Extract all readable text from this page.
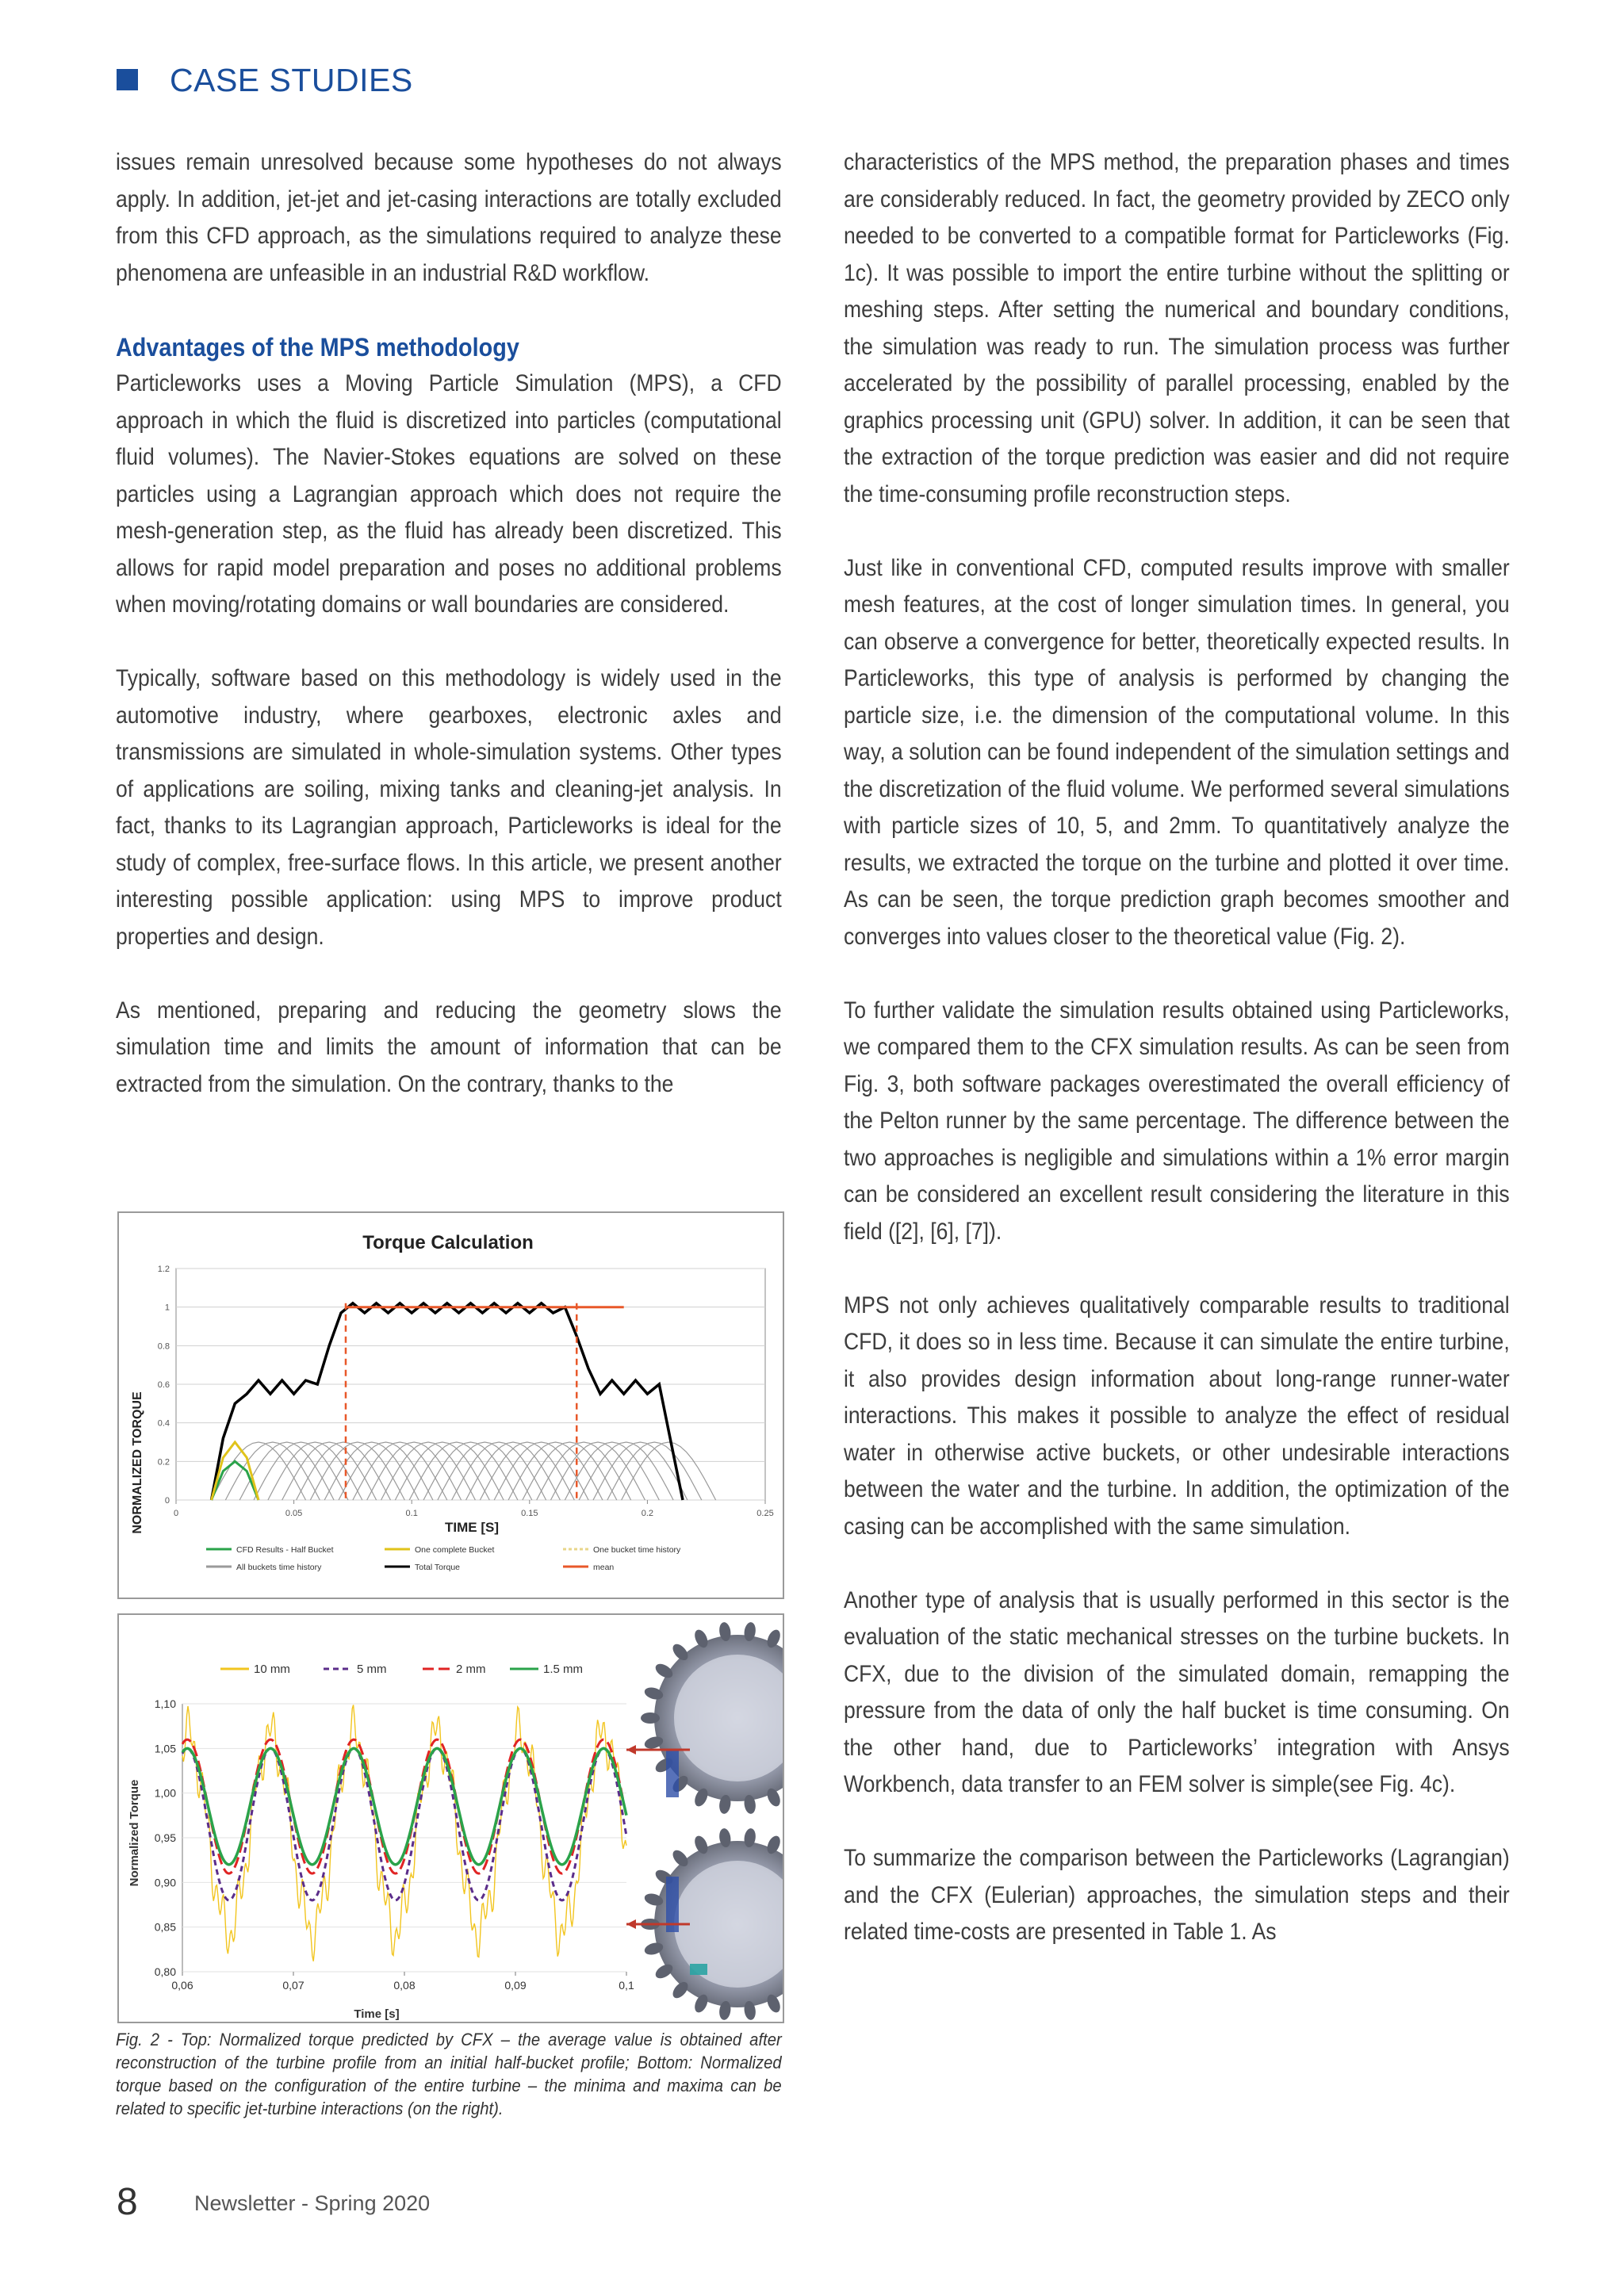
CASE STUDIES

issues remain unresolved because some hypotheses do not always apply. In addition, jet-jet and jet-casing interactions are totally excluded from this CFD approach, as the simulations required to analyze these phenomena are unfeasible in an industrial R&D workflow.

Advantages of the MPS methodology

Particleworks uses a Moving Particle Simulation (MPS), a CFD approach in which the fluid is discretized into particles (computational fluid volumes). The Navier-Stokes equations are solved on these particles using a Lagrangian approach which does not require the mesh-generation step, as the fluid has already been discretized. This allows for rapid model preparation and poses no additional problems when moving/rotating domains or wall boundaries are considered.

Typically, software based on this methodology is widely used in the automotive industry, where gearboxes, electronic axles and transmissions are simulated in whole-simulation systems. Other types of applications are soiling, mixing tanks and cleaning-jet analysis. In fact, thanks to its Lagrangian approach, Particleworks is ideal for the study of complex, free-surface flows. In this article, we present another interesting possible application: using MPS to improve product properties and design.

As mentioned, preparing and reducing the geometry slows the simulation time and limits the amount of information that can be extracted from the simulation. On the contrary, thanks to the

characteristics of the MPS method, the preparation phases and times are considerably reduced. In fact, the geometry provided by ZECO only needed to be converted to a compatible format for Particleworks (Fig. 1c). It was possible to import the entire turbine without the splitting or meshing steps. After setting the numerical and boundary conditions, the simulation was ready to run. The simulation process was further accelerated by the possibility of parallel processing, enabled by the graphics processing unit (GPU) solver. In addition, it can be seen that the extraction of the torque prediction was easier and did not require the time-consuming profile reconstruction steps.

Just like in conventional CFD, computed results improve with smaller mesh features, at the cost of longer simulation times. In general, you can observe a convergence for better, theoretically expected results. In Particleworks, this type of analysis is performed by changing the particle size, i.e. the dimension of the computational volume. In this way, a solution can be found independent of the simulation settings and the discretization of the fluid volume. We performed several simulations with particle sizes of 10, 5, and 2mm. To quantitatively analyze the results, we extracted the torque on the turbine and plotted it over time. As can be seen, the torque prediction graph becomes smoother and converges into values closer to the theoretical value (Fig. 2).

To further validate the simulation results obtained using Particleworks, we compared them to the CFX simulation results. As can be seen from Fig. 3, both software packages overestimated the overall efficiency of the Pelton runner by the same percentage. The difference between the two approaches is negligible and simulations within a 1% error margin can be considered an excellent result considering the literature in this field ([2], [6], [7]).

MPS not only achieves qualitatively comparable results to traditional CFD, it does so in less time. Because it can simulate the entire turbine, it also provides design information about long-range runner-water interactions. This makes it possible to analyze the effect of residual water in otherwise active buckets, or other undesirable interactions between the water and the turbine. In addition, the optimization of the casing can be accomplished with the same simulation.

Another type of analysis that is usually performed in this sector is the evaluation of the static mechanical stresses on the turbine buckets. In CFX, due to the division of the simulated domain, remapping the pressure from the data of only the half bucket is time consuming. On the other hand, due to Particleworks’ integration with Ansys Workbench, data transfer to an FEM solver is simple(see Fig. 4c).

To summarize the comparison between the Particleworks (Lagrangian) and the CFX (Eulerian) approaches, the simulation steps and their related time-costs are presented in Table 1. As

Torque Calculation
0
0.2
0.4
0.6
0.8
1
1.2
0	0.05	0.1	0.15	0.2	0.25
NORMALIZED TORQUE	TIME [S]
CFD Results - Half Bucket	One complete Bucket	One bucket time history
All buckets time history	Total Torque	mean
10 mm	5 mm	2 mm	1.5 mm
0,80
0,85
0,90
0,95
1,00
1,05
1,10
0,06	0,07	0,08	0,09	0,1
Normalized Torque
Time [s]
Fig. 2 - Top: Normalized torque predicted by CFX – the average value is obtained after reconstruction of the turbine profile from an initial half-bucket profile; Bottom: Normalized torque based on the configuration of the entire turbine – the minima and maxima can be related to specific jet-turbine interactions (on the right).
8	Newsletter - Spring 2020
